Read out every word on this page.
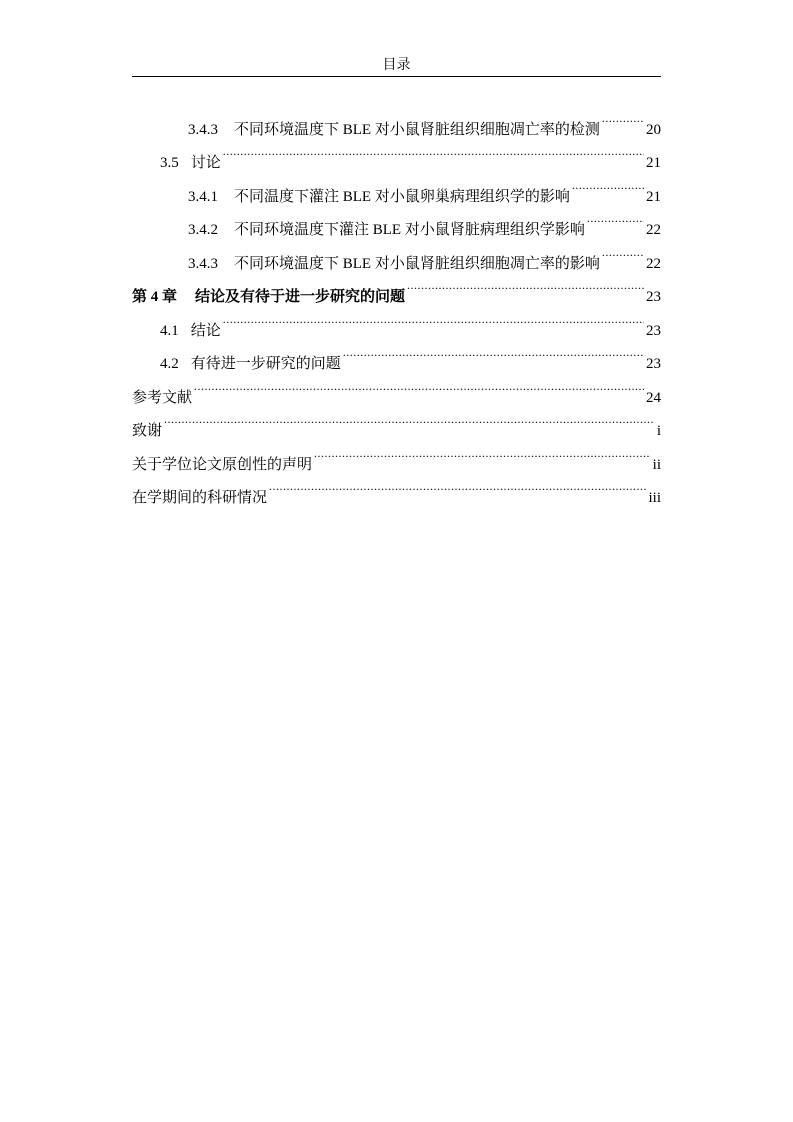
目录
3.4.3 不同环境温度下 BLE 对小鼠肾脏组织细胞凋亡率的检测 .....	20
3.5 讨论 .....	21
3.4.1 不同温度下灌注 BLE 对小鼠卵巢病理组织学的影响 .....	21
3.4.2 不同环境温度下灌注 BLE 对小鼠肾脏病理组织学影响 .....	22
3.4.3 不同环境温度下 BLE 对小鼠肾脏组织细胞凋亡率的影响 .....	22
第 4 章 结论及有待于进一步研究的问题 .....	23
4.1 结论 .....	23
4.2 有待进一步研究的问题 .....	23
参考文献 .....	24
致谢 .....	i
关于学位论文原创性的声明 .....	ii
在学期间的科研情况 .....	iii
